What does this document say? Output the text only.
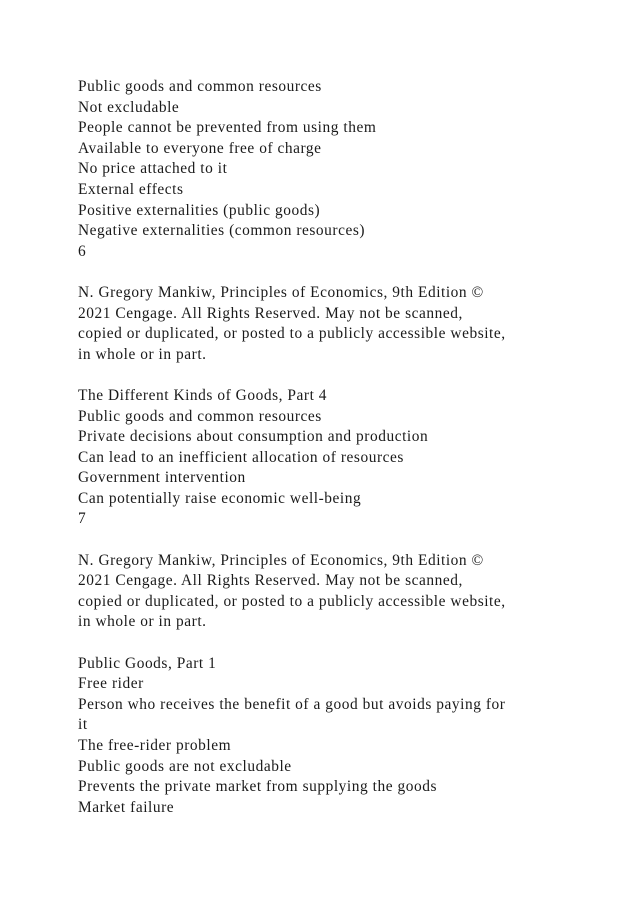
Public goods and common resources
Not excludable
People cannot be prevented from using them
Available to everyone free of charge
No price attached to it
External effects
Positive externalities (public goods)
Negative externalities (common resources)
6
N. Gregory Mankiw, Principles of Economics, 9th Edition ©
2021 Cengage. All Rights Reserved. May not be scanned,
copied or duplicated, or posted to a publicly accessible website,
in whole or in part.
The Different Kinds of Goods, Part 4
Public goods and common resources
Private decisions about consumption and production
Can lead to an inefficient allocation of resources
Government intervention
Can potentially raise economic well-being
7
N. Gregory Mankiw, Principles of Economics, 9th Edition ©
2021 Cengage. All Rights Reserved. May not be scanned,
copied or duplicated, or posted to a publicly accessible website,
in whole or in part.
Public Goods, Part 1
Free rider
Person who receives the benefit of a good but avoids paying for
it
The free-rider problem
Public goods are not excludable
Prevents the private market from supplying the goods
Market failure
